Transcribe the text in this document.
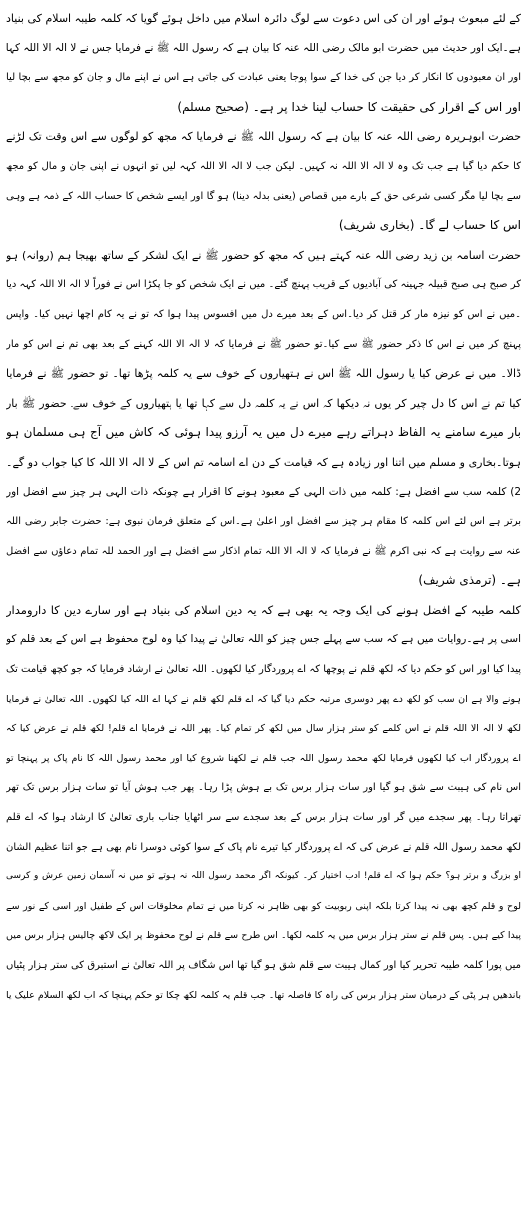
کے لئے مبعوث ہوئے اور ان کی اس دعوت سے لوگ دائرہ اسلام میں داخل ہوئے گویا کہ کلمہ طیبہ اسلام کی بنیاد
ہے۔ایک اور حدیث میں حضرت ابو مالک رضی اللہ عنہ کا بیان ہے کہ رسول اللہ ﷺ نے فرمایا جس نے لا الہ الا اللہ کہا
اور ان معبودوں کا انکار کر دیا جن کی خدا کے سوا پوجا یعنی عبادت کی جاتی ہے اس نے اپنے مال و جان کو مجھ سے بچا لیا
اور اس کے اقرار کی حقیقت کا حساب لینا خدا پر ہے۔ (صحیح مسلم)
حضرت ابوہریرہ رضی اللہ عنہ کا بیان ہے کہ رسول اللہ ﷺ نے فرمایا کہ مجھ کو لوگوں سے اس وقت تک لڑنے
کا حکم دیا گیا ہے جب تک وہ لا الہ الا اللہ نہ کہیں۔ لیکن جب لا الہ الا اللہ کہہ لیں تو انہوں نے اپنی جان و مال کو مجھ
سے بچا لیا مگر کسی شرعی حق کے بارے میں قصاص (یعنی بدلہ دینا) ہو گا اور ایسے شخص کا حساب اللہ کے ذمہ ہے وہی
اس کا حساب لے گا۔ (بخاری شریف)
حضرت اسامہ بن زید رضی اللہ عنہ کہتے ہیں کہ مجھ کو حضور ﷺ نے ایک لشکر کے ساتھ بھیجا ہم (روانہ) ہو
کر صبح ہی صبح قبیلہ جہینہ کی آبادیوں کے قریب پہنچ گئے۔ میں نے ایک شخص کو جا پکڑا اس نے فوراً لا الہ الا اللہ کہہ دیا
۔میں نے اس کو نیزہ مار کر قتل کر دیا۔اس کے بعد میرے دل میں افسوس پیدا ہوا کہ تو نے یہ کام اچھا نہیں کیا۔ واپس
پہنچ کر میں نے اس کا ذکر حضور ﷺ سے کیا۔تو حضور ﷺ نے فرمایا کہ لا الہ الا اللہ کہنے کے بعد بھی تم نے اس کو مار
ڈالا۔ میں نے عرض کیا یا رسول اللہ ﷺ اس نے ہتھیاروں کے خوف سے یہ کلمہ پڑھا تھا۔ تو حضور ﷺ نے فرمایا
کیا تم نے اس کا دل چیر کر یوں نہ دیکھا کہ اس نے یہ کلمہ دل سے کہا تھا یا ہتھیاروں کے خوف سے۔ حضور ﷺ بار
بار میرے سامنے یہ الفاظ دہراتے رہے میرے دل میں یہ آرزو پیدا ہوئی کہ کاش میں آج ہی مسلمان ہو
ہوتا۔بخاری و مسلم میں اتنا اور زیادہ ہے کہ قیامت کے دن اے اسامہ تم اس کے لا الہ الا اللہ کا کیا جواب دو گے۔
2) کلمہ سب سے افضل ہے: کلمہ میں ذات الہی کے معبود ہونے کا اقرار ہے چونکہ ذات الہی ہر چیز سے افضل اور
برتر ہے اس لئے اس کلمہ کا مقام ہر چیز سے افضل اور اعلیٰ ہے۔اس کے متعلق فرمان نبوی ہے: حضرت جابر رضی اللہ
عنہ سے روایت ہے کہ نبی اکرم ﷺ نے فرمایا کہ لا الہ الا اللہ تمام اذکار سے افضل ہے اور الحمد للہ تمام دعاؤں سے افضل
ہے۔ (ترمذی شریف)
کلمہ طیبہ کے افضل ہونے کی ایک وجہ یہ بھی ہے کہ یہ دین اسلام کی بنیاد ہے اور سارے دین کا دارومدار
اسی پر ہے۔روایات میں ہے کہ سب سے پہلے جس چیز کو اللہ تعالیٰ نے پیدا کیا وہ لوح محفوظ ہے اس کے بعد قلم کو
پیدا کیا اور اس کو حکم دیا کہ لکھ قلم نے پوچھا کہ اے پروردگار کیا لکھوں۔ اللہ تعالیٰ نے ارشاد فرمایا کہ جو کچھ قیامت تک
ہونے والا ہے ان سب کو لکھ دے پھر دوسری مرتبہ حکم دیا گیا کہ اے قلم لکھ قلم نے کہا اے اللہ کیا لکھوں۔ اللہ تعالیٰ نے فرمایا
لکھ لا الہ الا اللہ قلم نے اس کلمے کو ستر ہزار سال میں لکھ کر تمام کیا۔ پھر اللہ نے فرمایا اے قلم! لکھ قلم نے عرض کیا کہ
اے پروردگار اب کیا لکھوں فرمایا لکھ محمد رسول اللہ جب قلم نے لکھنا شروع کیا اور محمد رسول اللہ کا نام پاک پر پہنچا تو
اس نام کی ہیبت سے شق ہو گیا اور سات ہزار برس تک بے ہوش پڑا رہا۔ پھر جب ہوش آیا تو سات ہزار برس تک تھر
تھراتا رہا۔ پھر سجدے میں گر اور سات ہزار برس کے بعد سجدے سے سر اٹھایا جناب باری تعالیٰ کا ارشاد ہوا کہ اے قلم
لکھ محمد رسول اللہ قلم نے عرض کی کہ اے پروردگار کیا تیرے نام پاک کے سوا کوئی دوسرا نام بھی ہے جو اتنا عظیم الشان
او بزرگ و برتر ہو؟ حکم ہوا کہ اے قلم! ادب اختیار کر۔ کیونکہ اگر محمد رسول اللہ نہ ہوتے تو میں نہ آسمان زمین عرش و کرسی
لوح و قلم کچھ بھی نہ پیدا کرتا بلکہ اپنی ربوبیت کو بھی ظاہر نہ کرتا میں نے تمام مخلوقات اس کے طفیل اور اسی کے نور سے
پیدا کیے ہیں۔ پس قلم نے ستر ہزار برس میں یہ کلمہ لکھا۔ اس طرح سے قلم نے لوح محفوظ پر ایک لاکھ چالیس ہزار برس میں
میں پورا کلمہ طیبہ تحریر کیا اور کمال ہیبت سے قلم شق ہو گیا تھا اس شگاف پر اللہ تعالیٰ نے استبرق کی ستر ہزار پٹیاں
باندھیں ہر پٹی کے درمیان ستر ہزار برس کی راہ کا فاصلہ تھا۔ جب قلم یہ کلمہ لکھ چکا تو حکم پہنچا کہ اب لکھ السلام علیک یا
